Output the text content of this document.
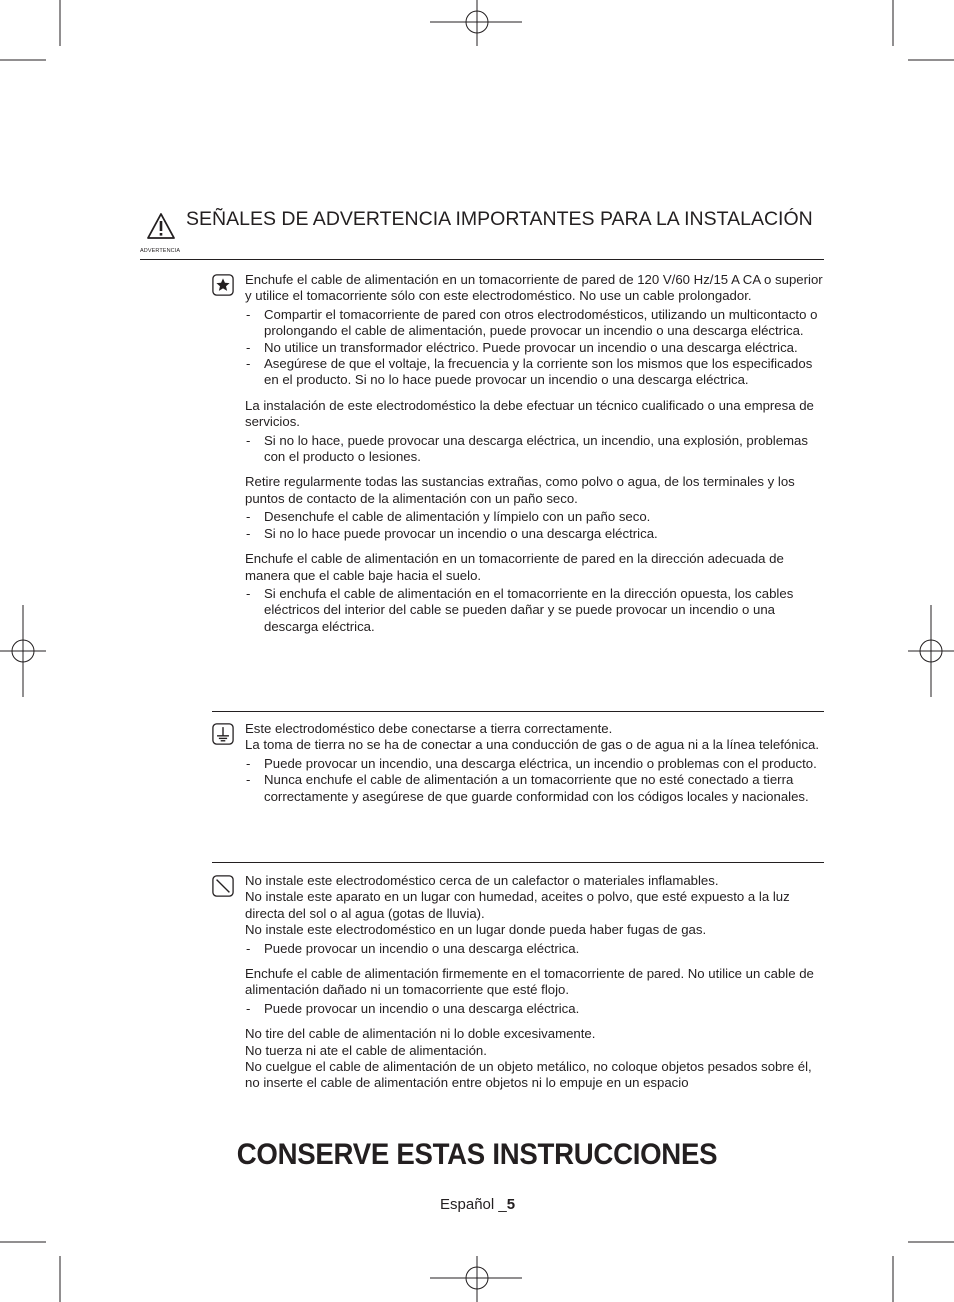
ADVERTENCIA
SEÑALES DE ADVERTENCIA IMPORTANTES PARA LA INSTALACIÓN
Enchufe el cable de alimentación en un tomacorriente de pared de 120 V/60 Hz/15 A CA o superior y utilice el tomacorriente sólo con este electrodoméstico. No use un cable prolongador.
- Compartir el tomacorriente de pared con otros electrodomésticos, utilizando un multicontacto o prolongando el cable de alimentación, puede provocar un incendio o una descarga eléctrica.
- No utilice un transformador eléctrico. Puede provocar un incendio o una descarga eléctrica.
- Asegúrese de que el voltaje, la frecuencia y la corriente son los mismos que los especificados en el producto. Si no lo hace puede provocar un incendio o una descarga eléctrica.
La instalación de este electrodoméstico la debe efectuar un técnico cualificado o una empresa de servicios.
- Si no lo hace, puede provocar una descarga eléctrica, un incendio, una explosión, problemas con el producto o lesiones.
Retire regularmente todas las sustancias extrañas, como polvo o agua, de los terminales y los puntos de contacto de la alimentación con un paño seco.
- Desenchufe el cable de alimentación y límpielo con un paño seco.
- Si no lo hace puede provocar un incendio o una descarga eléctrica.
Enchufe el cable de alimentación en un tomacorriente de pared en la dirección adecuada de manera que el cable baje hacia el suelo.
- Si enchufa el cable de alimentación en el tomacorriente en la dirección opuesta, los cables eléctricos del interior del cable se pueden dañar y se puede provocar un incendio o una descarga eléctrica.
Este electrodoméstico debe conectarse a tierra correctamente.
La toma de tierra no se ha de conectar a una conducción de gas o de agua ni a la línea telefónica.
- Puede provocar un incendio, una descarga eléctrica, un incendio o problemas con el producto.
- Nunca enchufe el cable de alimentación a un tomacorriente que no esté conectado a tierra correctamente y asegúrese de que guarde conformidad con los códigos locales y nacionales.
No instale este electrodoméstico cerca de un calefactor o materiales inflamables.
No instale este aparato en un lugar con humedad, aceites o polvo, que esté expuesto a la luz directa del sol o al agua (gotas de lluvia).
No instale este electrodoméstico en un lugar donde pueda haber fugas de gas.
- Puede provocar un incendio o una descarga eléctrica.
Enchufe el cable de alimentación firmemente en el tomacorriente de pared. No utilice un cable de alimentación dañado ni un tomacorriente que esté flojo.
- Puede provocar un incendio o una descarga eléctrica.
No tire del cable de alimentación ni lo doble excesivamente.
No tuerza ni ate el cable de alimentación.
No cuelgue el cable de alimentación de un objeto metálico, no coloque objetos pesados sobre él, no inserte el cable de alimentación entre objetos ni lo empuje en un espacio
CONSERVE ESTAS INSTRUCCIONES
Español _5
